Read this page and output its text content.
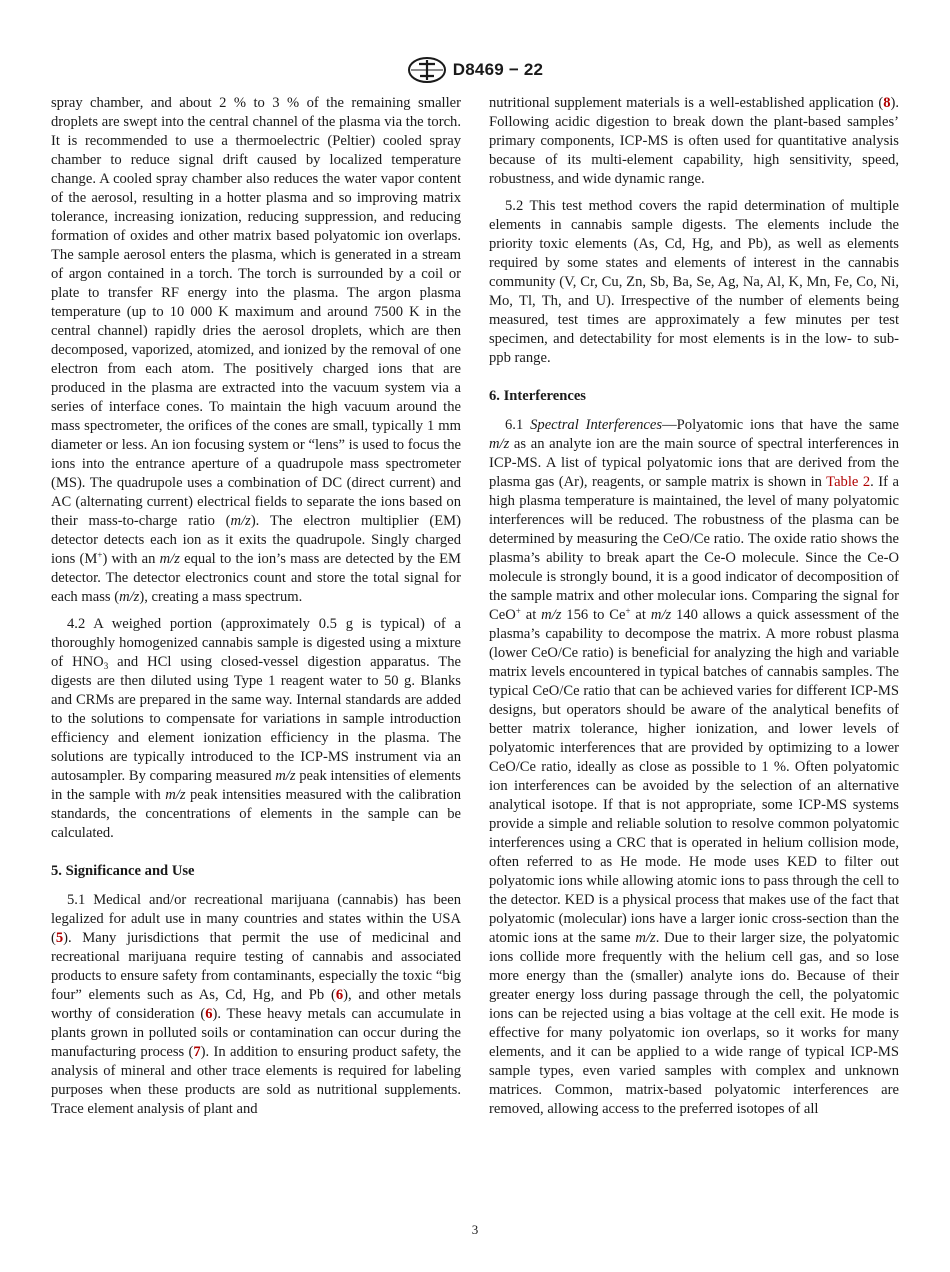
D8469 − 22

spray chamber, and about 2 % to 3 % of the remaining smaller droplets are swept into the central channel of the plasma via the torch. It is recommended to use a thermoelectric (Peltier) cooled spray chamber to reduce signal drift caused by localized temperature change. A cooled spray chamber also reduces the water vapor content of the aerosol, resulting in a hotter plasma and so improving matrix tolerance, increasing ionization, reducing suppression, and reducing formation of oxides and other matrix based polyatomic ion overlaps. The sample aerosol enters the plasma, which is generated in a stream of argon contained in a torch. The torch is surrounded by a coil or plate to transfer RF energy into the plasma. The argon plasma temperature (up to 10 000 K maximum and around 7500 K in the central channel) rapidly dries the aerosol droplets, which are then decomposed, vaporized, atomized, and ionized by the removal of one electron from each atom. The positively charged ions that are produced in the plasma are extracted into the vacuum system via a series of interface cones. To maintain the high vacuum around the mass spectrometer, the orifices of the cones are small, typically 1 mm diameter or less. An ion focusing system or “lens” is used to focus the ions into the entrance aperture of a quadrupole mass spectrometer (MS). The quadrupole uses a combination of DC (direct current) and AC (alternating current) electrical fields to separate the ions based on their mass-to-charge ratio (m/z). The electron multiplier (EM) detector detects each ion as it exits the quadrupole. Singly charged ions (M+) with an m/z equal to the ion’s mass are detected by the EM detector. The detector electronics count and store the total signal for each mass (m/z), creating a mass spectrum.

4.2 A weighed portion (approximately 0.5 g is typical) of a thoroughly homogenized cannabis sample is digested using a mixture of $HNO_3$ and HCl using closed-vessel digestion apparatus. The digests are then diluted using Type 1 reagent water to 50 g. Blanks and CRMs are prepared in the same way. Internal standards are added to the solutions to compensate for variations in sample introduction efficiency and element ionization efficiency in the plasma. The solutions are typically introduced to the ICP-MS instrument via an autosampler. By comparing measured m/z peak intensities of elements in the sample with m/z peak intensities measured with the calibration standards, the concentrations of elements in the sample can be calculated.

5. Significance and Use

5.1 Medical and/or recreational marijuana (cannabis) has been legalized for adult use in many countries and states within the USA (5). Many jurisdictions that permit the use of medicinal and recreational marijuana require testing of cannabis and associated products to ensure safety from contaminants, especially the toxic “big four” elements such as As, Cd, Hg, and Pb (6), and other metals worthy of consideration (6). These heavy metals can accumulate in plants grown in polluted soils or contamination can occur during the manufacturing process (7). In addition to ensuring product safety, the analysis of mineral and other trace elements is required for labeling purposes when these products are sold as nutritional supplements. Trace element analysis of plant and

nutritional supplement materials is a well-established application (8). Following acidic digestion to break down the plant-based samples’ primary components, ICP-MS is often used for quantitative analysis because of its multi-element capability, high sensitivity, speed, robustness, and wide dynamic range.

5.2 This test method covers the rapid determination of multiple elements in cannabis sample digests. The elements include the priority toxic elements (As, Cd, Hg, and Pb), as well as elements required by some states and elements of interest in the cannabis community (V, Cr, Cu, Zn, Sb, Ba, Se, Ag, Na, Al, K, Mn, Fe, Co, Ni, Mo, Tl, Th, and U). Irrespective of the number of elements being measured, test times are approximately a few minutes per test specimen, and detectability for most elements is in the low- to sub-ppb range.

6. Interferences

6.1 Spectral Interferences—Polyatomic ions that have the same m/z as an analyte ion are the main source of spectral interferences in ICP-MS. A list of typical polyatomic ions that are derived from the plasma gas (Ar), reagents, or sample matrix is shown in Table 2. If a high plasma temperature is maintained, the level of many polyatomic interferences will be reduced. The robustness of the plasma can be determined by measuring the CeO/Ce ratio. The oxide ratio shows the plasma’s ability to break apart the Ce-O molecule. Since the Ce-O molecule is strongly bound, it is a good indicator of decomposition of the sample matrix and other molecular ions. Comparing the signal for CeO+ at m/z 156 to Ce+ at m/z 140 allows a quick assessment of the plasma’s capability to decompose the matrix. A more robust plasma (lower CeO/Ce ratio) is beneficial for analyzing the high and variable matrix levels encountered in typical batches of cannabis samples. The typical CeO/Ce ratio that can be achieved varies for different ICP-MS designs, but operators should be aware of the analytical benefits of better matrix tolerance, higher ionization, and lower levels of polyatomic interferences that are provided by optimizing to a lower CeO/Ce ratio, ideally as close as possible to 1 %. Often polyatomic ion interferences can be avoided by the selection of an alternative analytical isotope. If that is not appropriate, some ICP-MS systems provide a simple and reliable solution to resolve common polyatomic interferences using a CRC that is operated in helium collision mode, often referred to as He mode. He mode uses KED to filter out polyatomic ions while allowing atomic ions to pass through the cell to the detector. KED is a physical process that makes use of the fact that polyatomic (molecular) ions have a larger ionic cross-section than the atomic ions at the same m/z. Due to their larger size, the polyatomic ions collide more frequently with the helium cell gas, and so lose more energy than the (smaller) analyte ions do. Because of their greater energy loss during passage through the cell, the polyatomic ions can be rejected using a bias voltage at the cell exit. He mode is effective for many polyatomic ion overlaps, so it works for many elements, and it can be applied to a wide range of typical ICP-MS sample types, even varied samples with complex and unknown matrices. Common, matrix-based polyatomic interferences are removed, allowing access to the preferred isotopes of all

3
